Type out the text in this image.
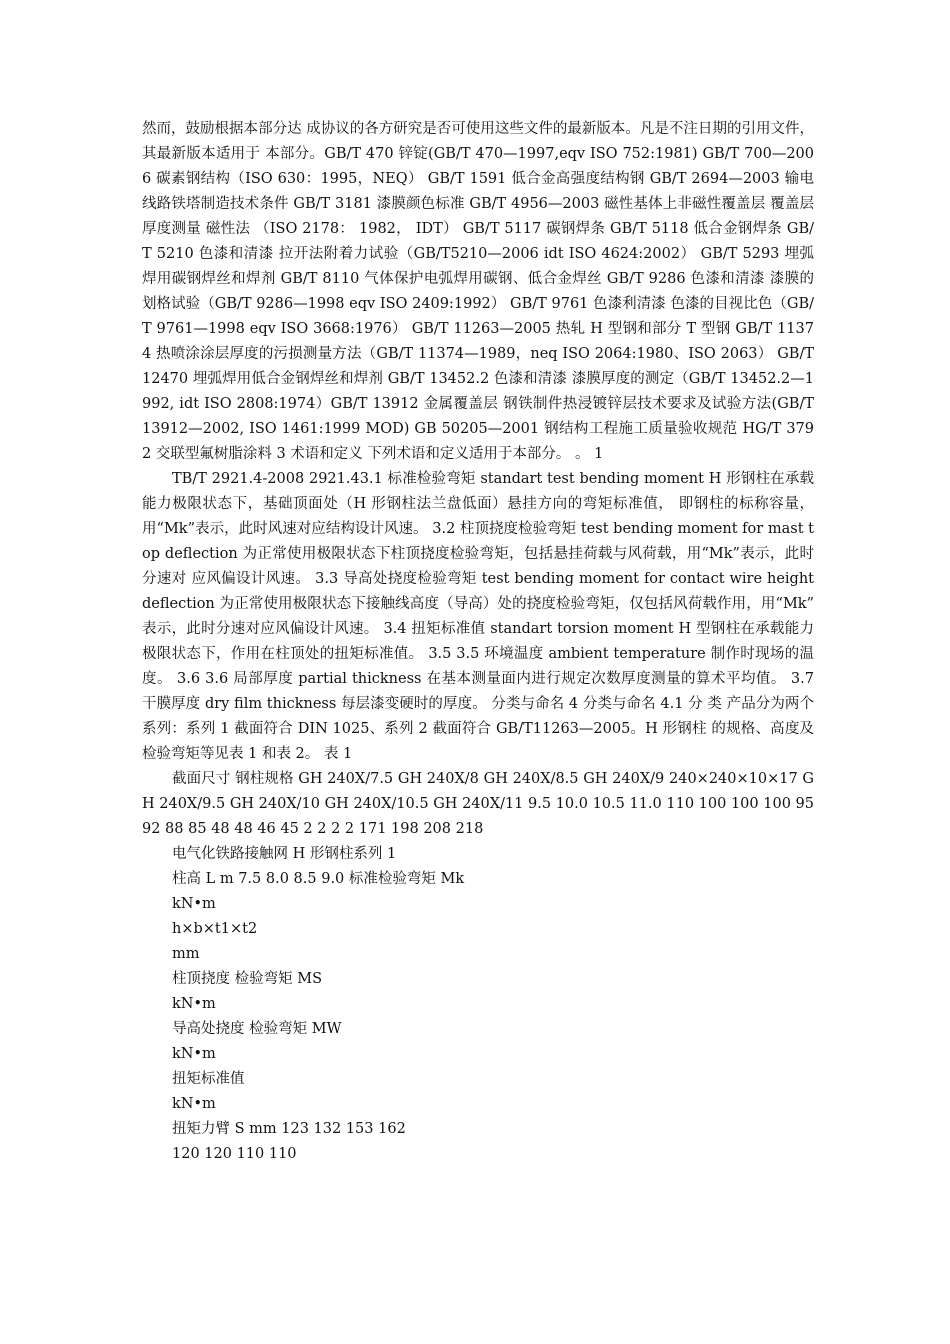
然而，鼓励根据本部分达 成协议的各方研究是否可使用这些文件的最新版本。凡是不注日期的引用文件，其最新版本适用于 本部分。GB/T 470 锌锭(GB/T 470—1997,eqv ISO 752:1981) GB/T 700—2006 碳素钢结构（ISO 630：1995，NEQ） GB/T 1591 低合金高强度结构钢 GB/T 2694—2003 输电线路铁塔制造技术条件 GB/T 3181 漆膜颜色标准 GB/T 4956—2003 磁性基体上非磁性覆盖层 覆盖层厚度测量 磁性法 （ISO 2178： 1982， IDT） GB/T 5117 碳钢焊条 GB/T 5118 低合金钢焊条 GB/T 5210 色漆和清漆 拉开法附着力试验（GB/T5210—2006 idt ISO 4624:2002） GB/T 5293 埋弧焊用碳钢焊丝和焊剂 GB/T 8110 气体保护电弧焊用碳钢、低合金焊丝 GB/T 9286 色漆和清漆 漆膜的划格试验（GB/T 9286—1998 eqv ISO 2409:1992） GB/T 9761 色漆利清漆 色漆的目视比色（GB/T 9761—1998 eqv ISO 3668:1976） GB/T 11263—2005 热轧 H 型钢和部分 T 型钢 GB/T 11374 热喷涂涂层厚度的污损测量方法（GB/T 11374—1989，neq ISO 2064:1980、ISO 2063） GB/T 12470 埋弧焊用低合金钢焊丝和焊剂 GB/T 13452.2 色漆和清漆 漆膜厚度的测定（GB/T 13452.2—1992, idt ISO 2808:1974）GB/T 13912 金属覆盖层 钢铁制件热浸镀锌层技术要求及试验方法(GB/T 13912—2002, ISO 1461:1999 MOD) GB 50205—2001 钢结构工程施工质量验收规范 HG/T 3792 交联型氟树脂涂料 3 术语和定义 下列术语和定义适用于本部分。 。 1

TB/T 2921.4-2008 2921.43.1 标准检验弯矩 standart test bending moment H 形钢柱在承载能力极限状态下，基础顶面处（H 形钢柱法兰盘低面）悬挂方向的弯矩标准值， 即钢柱的标称容量，用“Mk”表示，此时风速对应结构设计风速。 3.2 柱顶挠度检验弯矩 test bending moment for mast top deflection 为正常使用极限状态下柱顶挠度检验弯矩，包括悬挂荷载与风荷载，用“Mk”表示，此时分速对 应风偏设计风速。 3.3 导高处挠度检验弯矩 test bending moment for contact wire height deflection 为正常使用极限状态下接触线高度（导高）处的挠度检验弯矩，仅包括风荷载作用，用“Mk” 表示，此时分速对应风偏设计风速。 3.4 扭矩标准值 standart torsion moment H 型钢柱在承载能力极限状态下，作用在柱顶处的扭矩标准值。 3.5 3.5 环境温度 ambient temperature 制作时现场的温度。 3.6 3.6 局部厚度 partial thickness 在基本测量面内进行规定次数厚度测量的算术平均值。 3.7 干膜厚度 dry film thickness 每层漆变硬时的厚度。 分类与命名 4 分类与命名 4.1 分 类 产品分为两个系列：系列 1 截面符合 DIN 1025、系列 2 截面符合 GB/T11263—2005。H 形钢柱 的规格、高度及检验弯矩等见表 1 和表 2。 表 1

截面尺寸 钢柱规格 GH 240X/7.5 GH 240X/8 GH 240X/8.5 GH 240X/9 240×240×10×17 GH 240X/9.5 GH 240X/10 GH 240X/10.5 GH 240X/11 9.5 10.0 10.5 11.0 110 100 100 100 95 92 88 85 48 48 46 45 2 2 2 2 171 198 208 218

电气化铁路接触网 H 形钢柱系列 1

柱高 L m 7.5 8.0 8.5 9.0 标准检验弯矩 Mk

kN•m

h×b×t1×t2

mm

柱顶挠度 检验弯矩 MS

kN•m

导高处挠度 检验弯矩 MW

kN•m

扭矩标准值

kN•m

扭矩力臂 S mm 123 132 153 162

120 120 110 110
